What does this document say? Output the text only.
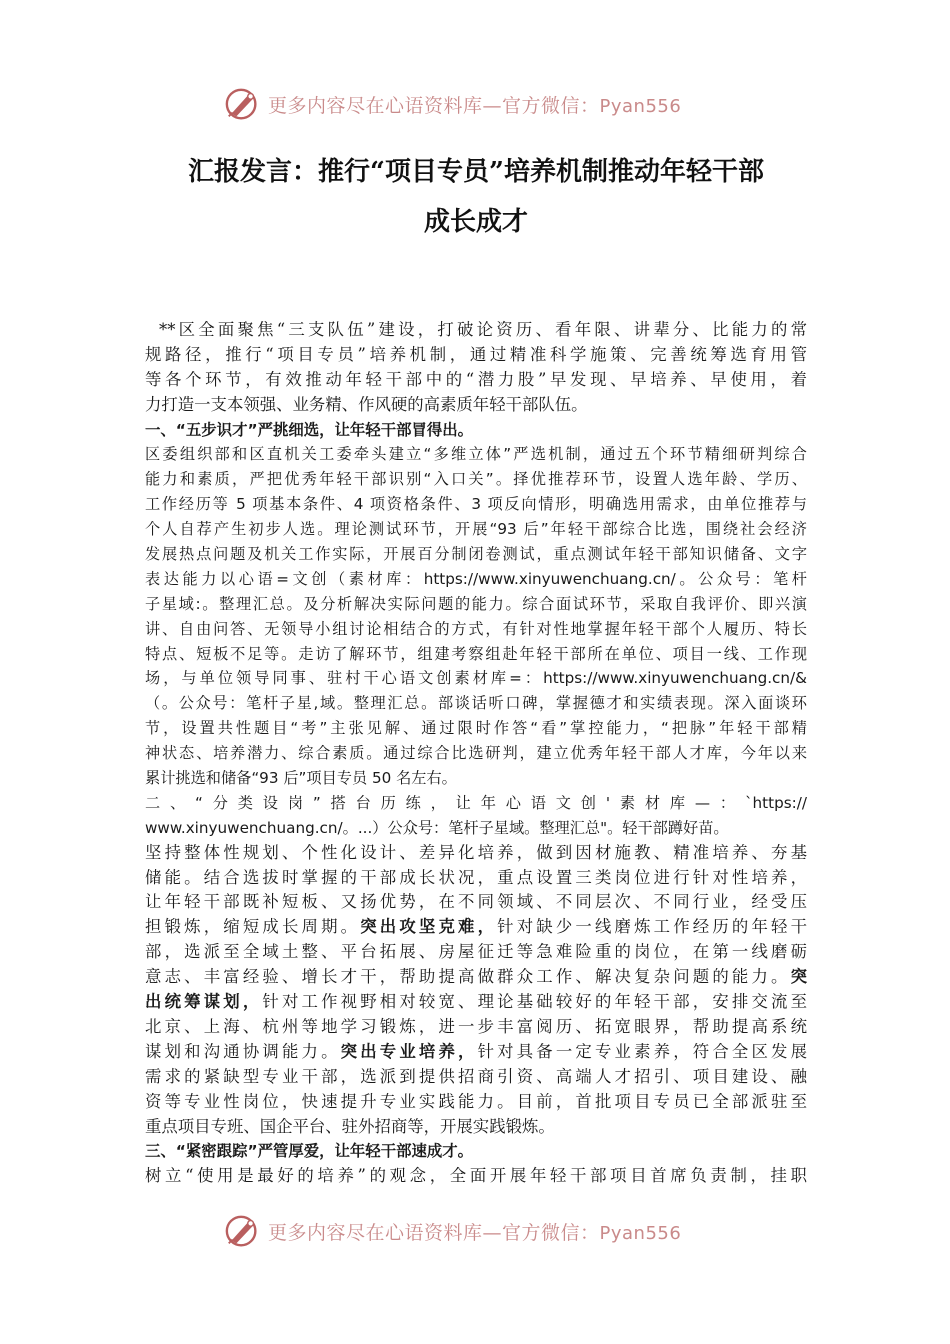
更多内容尽在心语资料库—官方微信：Pyan556
汇报发言：推行“项目专员”培养机制推动年轻干部
成长成才
**区全面聚焦“三支队伍”建设，打破论资历、看年限、讲辈分、比能力的常
规路径，推行“项目专员”培养机制，通过精准科学施策、完善统筹选育用管
等各个环节，有效推动年轻干部中的“潜力股”早发现、早培养、早使用，着
力打造一支本领强、业务精、作风硬的高素质年轻干部队伍。
一、“五步识才”严挑细选，让年轻干部冒得出。
区委组织部和区直机关工委牵头建立“多维立体”严选机制，通过五个环节精细研判综合
能力和素质，严把优秀年轻干部识别“入口关”。择优推荐环节，设置人选年龄、学历、
工作经历等 5 项基本条件、4 项资格条件、3 项反向情形，明确选用需求，由单位推荐与
个人自荐产生初步人选。理论测试环节，开展“93 后”年轻干部综合比选，围绕社会经济
发展热点问题及机关工作实际，开展百分制闭卷测试，重点测试年轻干部知识储备、文字
表达能力以心语=文创（素材库：https://www.xinyuwenchuang.cn/。公众号：笔杆
子星域:。整理汇总。及分析解决实际问题的能力。综合面试环节，采取自我评价、即兴演
讲、自由问答、无领导小组讨论相结合的方式，有针对性地掌握年轻干部个人履历、特长
特点、短板不足等。走访了解环节，组建考察组赴年轻干部所在单位、项目一线、工作现
场，与单位领导同事、驻村干心语文创素材库=：https://www.xinyuwenchuang.cn/&
（。公众号：笔杆子星,域。整理汇总。部谈话听口碑，掌握德才和实绩表现。深入面谈环
节，设置共性题目“考”主张见解、通过限时作答“看”掌控能力，“把脉”年轻干部精
神状态、培养潜力、综合素质。通过综合比选研判，建立优秀年轻干部人才库，今年以来
累计挑选和储备“93 后”项目专员 50 名左右。
二、“分类设岗”搭台历练，让年心语文创'素材库—：`https://
www.xinyuwenchuang.cn/。...）公众号：笔杆子星域。整理汇总"。轻干部蹲好苗。
坚持整体性规划、个性化设计、差异化培养，做到因材施教、精准培养、夯基
储能。结合选拔时掌握的干部成长状况，重点设置三类岗位进行针对性培养，
让年轻干部既补短板、又扬优势，在不同领域、不同层次、不同行业，经受压
担锻炼，缩短成长周期。突出攻坚克难，针对缺少一线磨炼工作经历的年轻干
部，选派至全域土整、平台拓展、房屋征迁等急难险重的岗位，在第一线磨砺
意志、丰富经验、增长才干，帮助提高做群众工作、解决复杂问题的能力。突
出统筹谋划，针对工作视野相对较宽、理论基础较好的年轻干部，安排交流至
北京、上海、杭州等地学习锻炼，进一步丰富阅历、拓宽眼界，帮助提高系统
谋划和沟通协调能力。突出专业培养，针对具备一定专业素养，符合全区发展
需求的紧缺型专业干部，选派到提供招商引资、高端人才招引、项目建设、融
资等专业性岗位，快速提升专业实践能力。目前，首批项目专员已全部派驻至
重点项目专班、国企平台、驻外招商等，开展实践锻炼。
三、“紧密跟踪”严管厚爱，让年轻干部速成才。
树立“使用是最好的培养”的观念，全面开展年轻干部项目首席负责制，挂职
更多内容尽在心语资料库—官方微信：Pyan556
